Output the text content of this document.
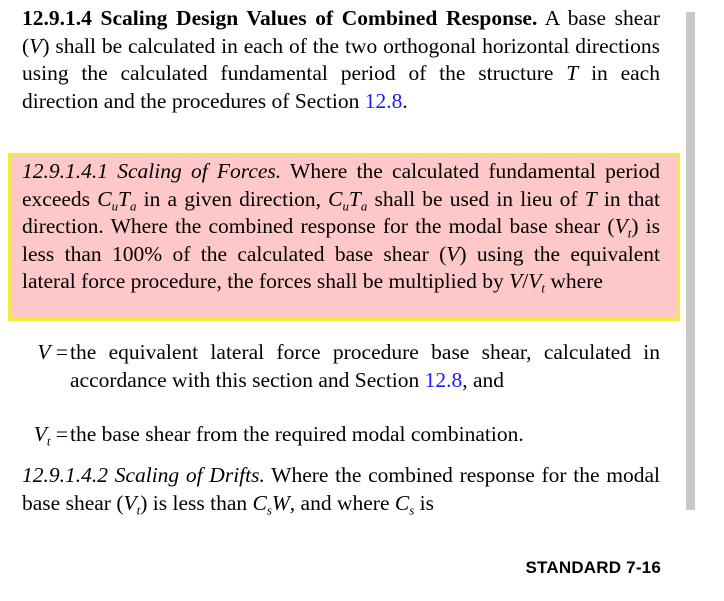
12.9.1.4 Scaling Design Values of Combined Response. A base shear (V) shall be calculated in each of the two orthogonal horizontal directions using the calculated fundamental period of the structure T in each direction and the procedures of Section 12.8.

12.9.1.4.1 Scaling of Forces. Where the calculated fundamental period exceeds $C_uT_a$ in a given direction, $C_uT_a$ shall be used in lieu of T in that direction. Where the combined response for the modal base shear $(V_t)$ is less than 100% of the calculated base shear (V) using the equivalent lateral force procedure, the forces shall be multiplied by $V/V_t$ where

V = the equivalent lateral force procedure base shear, calculated in accordance with this section and Section 12.8, and
$V_t$ = the base shear from the required modal combination.

12.9.1.4.2 Scaling of Drifts. Where the combined response for the modal base shear $(V_t)$ is less than $C_sW$, and where $C_s$ is

STANDARD 7-16
